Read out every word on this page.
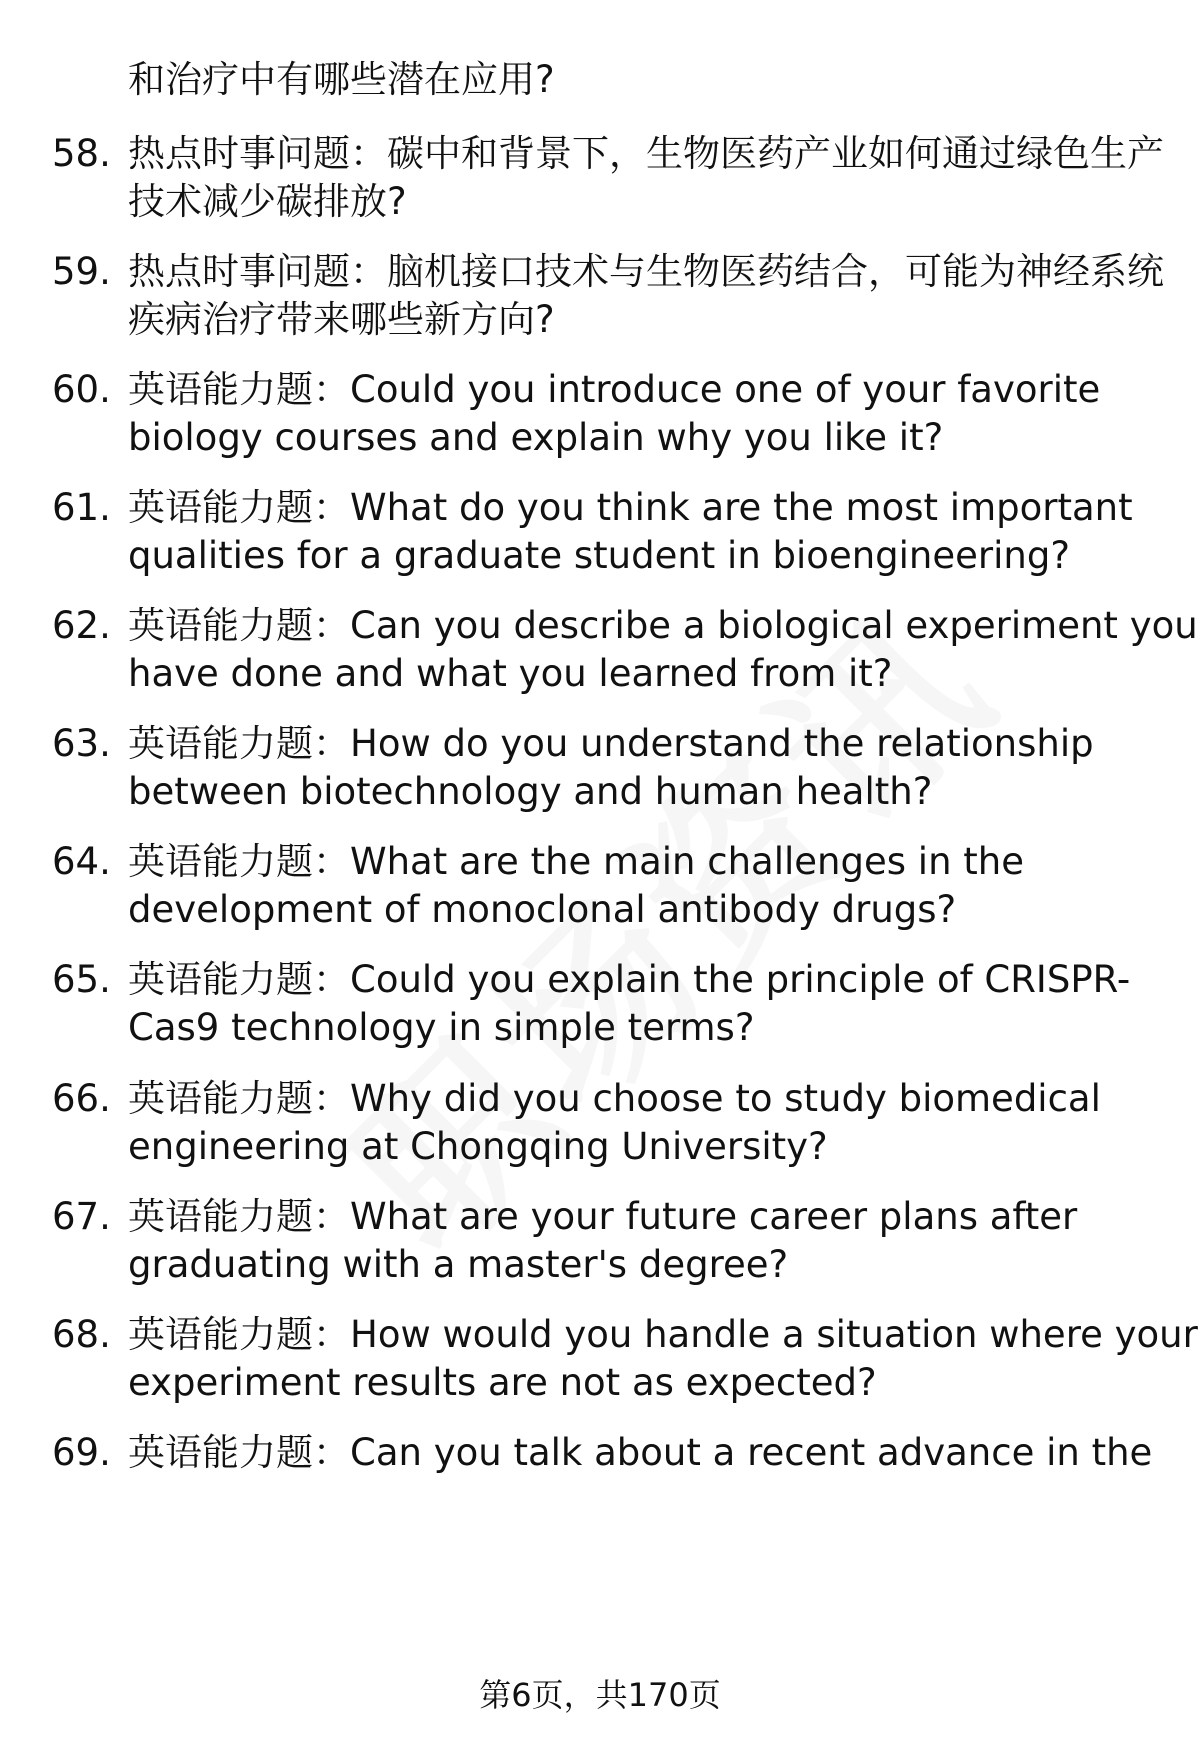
和治疗中有哪些潜在应用?
58. 热点时事问题：碳中和背景下，生物医药产业如何通过绿色生产
技术减少碳排放?
59. 热点时事问题：脑机接口技术与生物医药结合，可能为神经系统
疾病治疗带来哪些新方向?
60. 英语能力题：Could you introduce one of your favorite
biology courses and explain why you like it?
61. 英语能力题：What do you think are the most important
qualities for a graduate student in bioengineering?
62. 英语能力题：Can you describe a biological experiment you
have done and what you learned from it?
63. 英语能力题：How do you understand the relationship
between biotechnology and human health?
64. 英语能力题：What are the main challenges in the
development of monoclonal antibody drugs?
65. 英语能力题：Could you explain the principle of CRISPR-
Cas9 technology in simple terms?
66. 英语能力题：Why did you choose to study biomedical
engineering at Chongqing University?
67. 英语能力题：What are your future career plans after
graduating with a master's degree?
68. 英语能力题：How would you handle a situation where your
experiment results are not as expected?
69. 英语能力题：Can you talk about a recent advance in the
第6页，共170页
